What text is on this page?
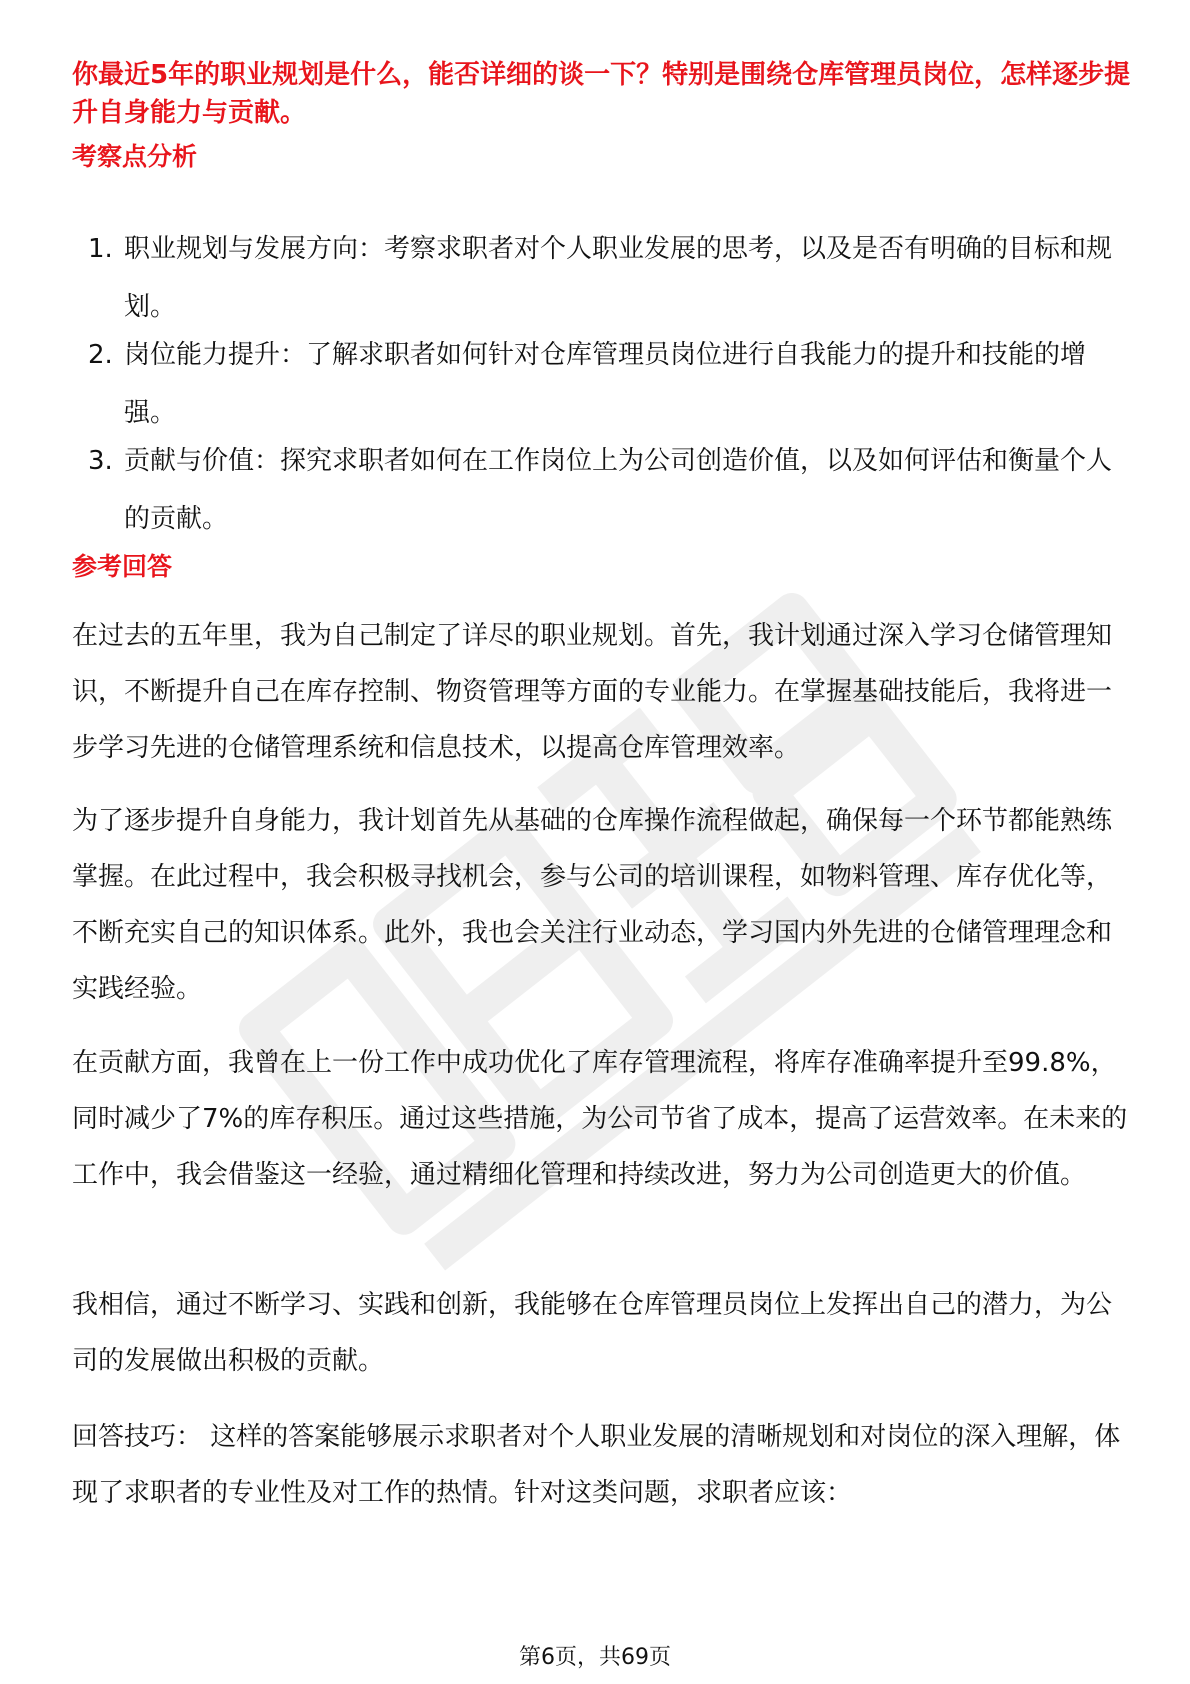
你最近5年的职业规划是什么，能否详细的谈一下？特别是围绕仓库管理员岗位，怎样逐步提升自身能力与贡献。

考察点分析

1. 职业规划与发展方向：考察求职者对个人职业发展的思考，以及是否有明确的目标和规划。
2. 岗位能力提升：了解求职者如何针对仓库管理员岗位进行自我能力的提升和技能的增强。
3. 贡献与价值：探究求职者如何在工作岗位上为公司创造价值，以及如何评估和衡量个人的贡献。

参考回答

在过去的五年里，我为自己制定了详尽的职业规划。首先，我计划通过深入学习仓储管理知识，不断提升自己在库存控制、物资管理等方面的专业能力。在掌握基础技能后，我将进一步学习先进的仓储管理系统和信息技术，以提高仓库管理效率。

为了逐步提升自身能力，我计划首先从基础的仓库操作流程做起，确保每一个环节都能熟练掌握。在此过程中，我会积极寻找机会，参与公司的培训课程，如物料管理、库存优化等，不断充实自己的知识体系。此外，我也会关注行业动态，学习国内外先进的仓储管理理念和实践经验。

在贡献方面，我曾在上一份工作中成功优化了库存管理流程，将库存准确率提升至99.8%，同时减少了7%的库存积压。通过这些措施，为公司节省了成本，提高了运营效率。在未来的工作中，我会借鉴这一经验，通过精细化管理和持续改进，努力为公司创造更大的价值。

我相信，通过不断学习、实践和创新，我能够在仓库管理员岗位上发挥出自己的潜力，为公司的发展做出积极的贡献。

回答技巧： 这样的答案能够展示求职者对个人职业发展的清晰规划和对岗位的深入理解，体现了求职者的专业性及对工作的热情。针对这类问题，求职者应该：

第6页，共69页
